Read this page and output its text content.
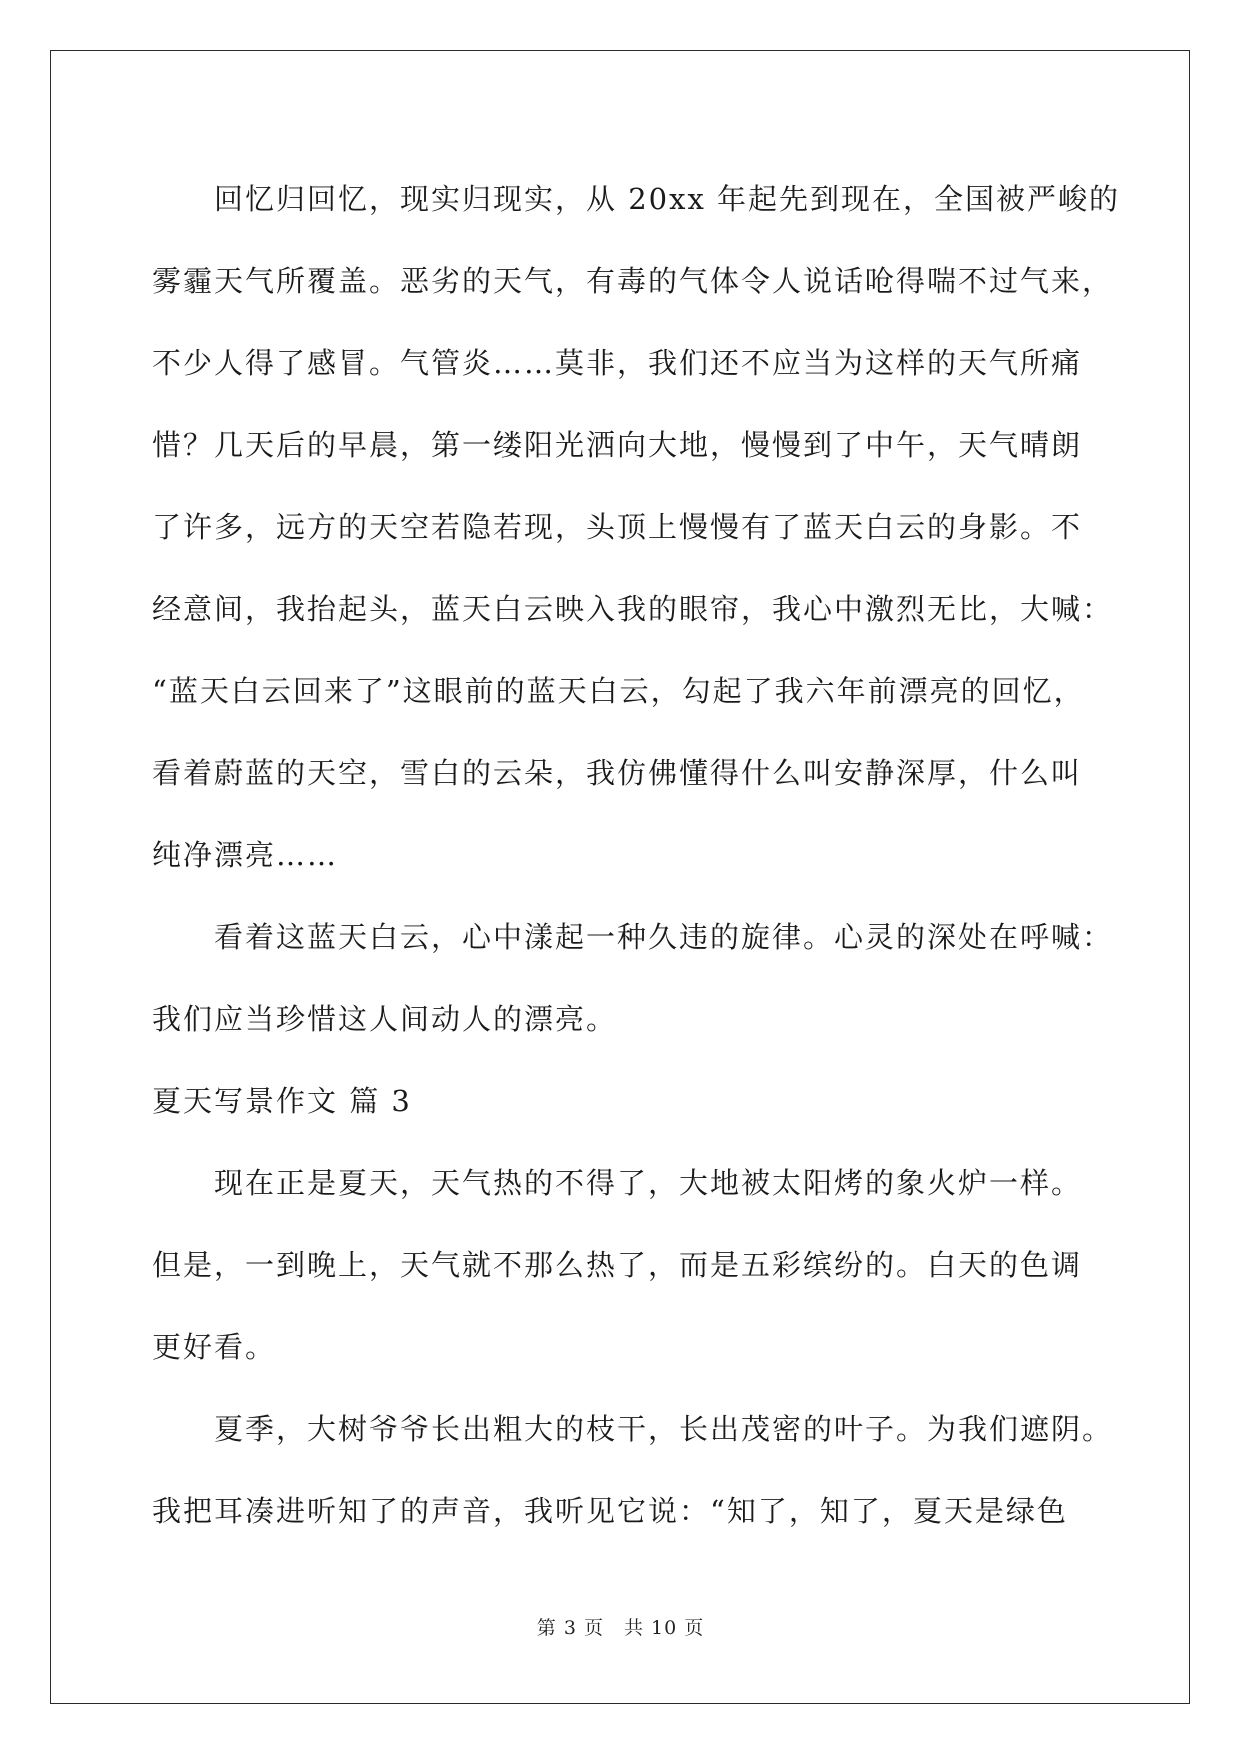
　　回忆归回忆，现实归现实，从 20xx 年起先到现在，全国被严峻的
雾霾天气所覆盖。恶劣的天气，有毒的气体令人说话呛得喘不过气来，
不少人得了感冒。气管炎……莫非，我们还不应当为这样的天气所痛
惜？几天后的早晨，第一缕阳光洒向大地，慢慢到了中午，天气晴朗
了许多，远方的天空若隐若现，头顶上慢慢有了蓝天白云的身影。不
经意间，我抬起头，蓝天白云映入我的眼帘，我心中激烈无比，大喊：
“蓝天白云回来了”这眼前的蓝天白云，勾起了我六年前漂亮的回忆，
看着蔚蓝的天空，雪白的云朵，我仿佛懂得什么叫安静深厚，什么叫
纯净漂亮……
　　看着这蓝天白云，心中漾起一种久违的旋律。心灵的深处在呼喊：
我们应当珍惜这人间动人的漂亮。
夏天写景作文 篇 3
　　现在正是夏天，天气热的不得了，大地被太阳烤的象火炉一样。
但是，一到晚上，天气就不那么热了，而是五彩缤纷的。白天的色调
更好看。
　　夏季，大树爷爷长出粗大的枝干，长出茂密的叶子。为我们遮阴。
我把耳凑进听知了的声音，我听见它说：“知了，知了，夏天是绿色
第 3 页　共 10 页
